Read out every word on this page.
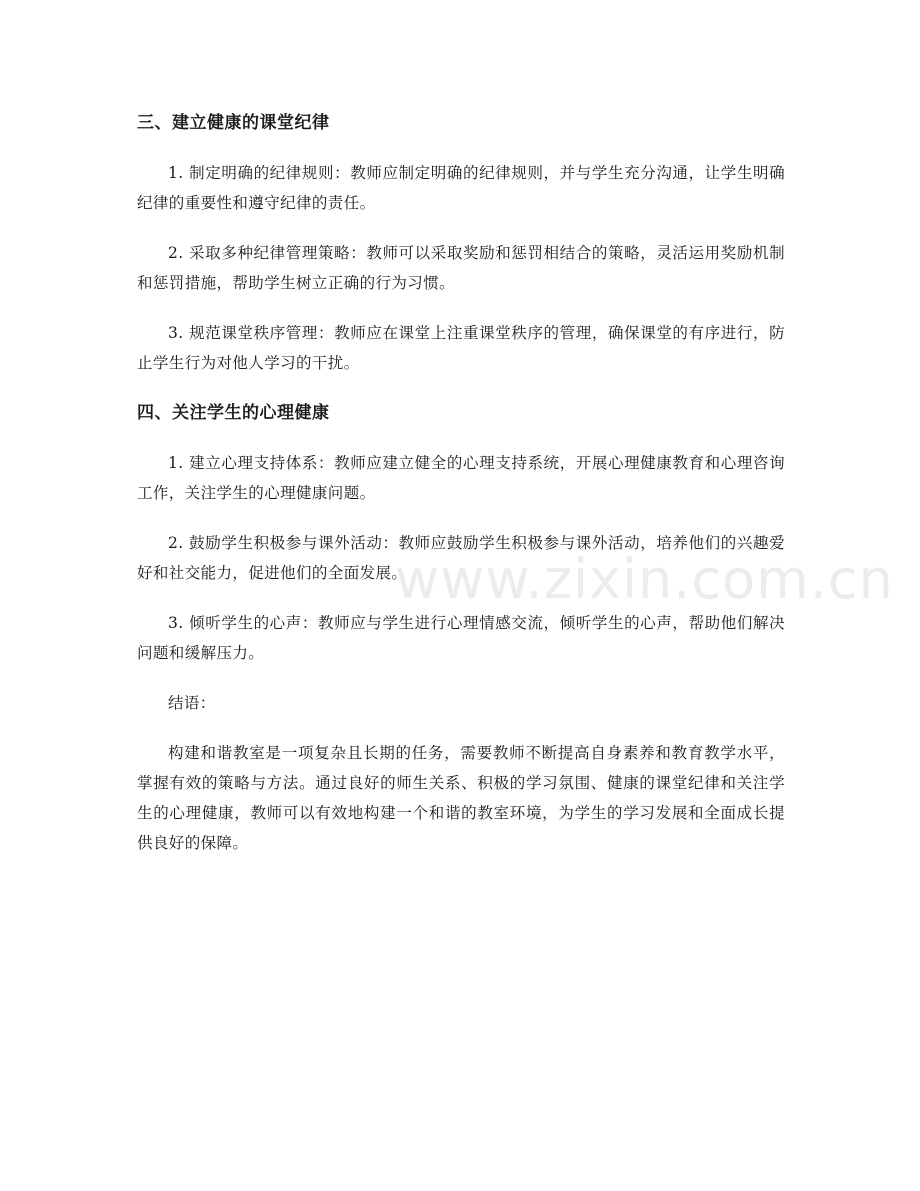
三、建立健康的课堂纪律

1. 制定明确的纪律规则：教师应制定明确的纪律规则，并与学生充分沟通，让学生明确纪律的重要性和遵守纪律的责任。

2. 采取多种纪律管理策略：教师可以采取奖励和惩罚相结合的策略，灵活运用奖励机制和惩罚措施，帮助学生树立正确的行为习惯。

3. 规范课堂秩序管理：教师应在课堂上注重课堂秩序的管理，确保课堂的有序进行，防止学生行为对他人学习的干扰。

四、关注学生的心理健康

1. 建立心理支持体系：教师应建立健全的心理支持系统，开展心理健康教育和心理咨询工作，关注学生的心理健康问题。

2. 鼓励学生积极参与课外活动：教师应鼓励学生积极参与课外活动，培养他们的兴趣爱好和社交能力，促进他们的全面发展。

3. 倾听学生的心声：教师应与学生进行心理情感交流，倾听学生的心声，帮助他们解决问题和缓解压力。

结语：

构建和谐教室是一项复杂且长期的任务，需要教师不断提高自身素养和教育教学水平，掌握有效的策略与方法。通过良好的师生关系、积极的学习氛围、健康的课堂纪律和关注学生的心理健康，教师可以有效地构建一个和谐的教室环境，为学生的学习发展和全面成长提供良好的保障。

www.zixin.com.cn
